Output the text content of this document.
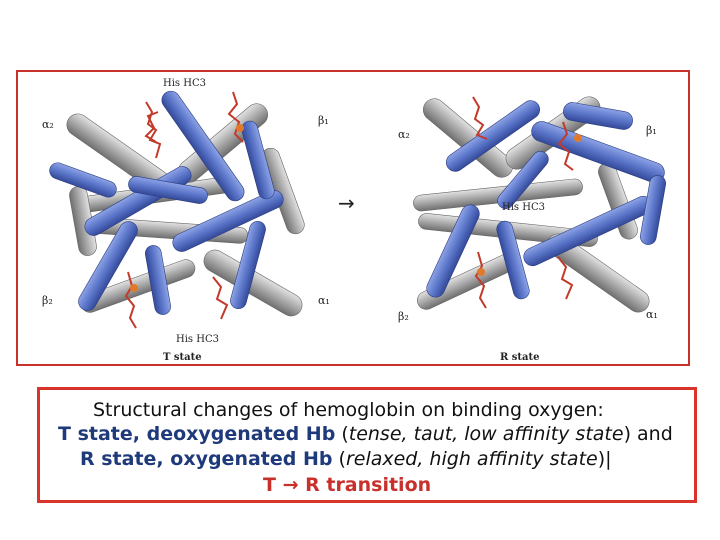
His HC3
α₂	β₁
β₂	α₁
His HC3
T state
→
α₂	β₁
His HC3
β₂	α₁
R state
Structural changes of hemoglobin on binding oxygen:
T state, deoxygenated Hb (tense, taut, low affinity state) and
R state, oxygenated Hb (relaxed, high affinity state)|
T → R transition
